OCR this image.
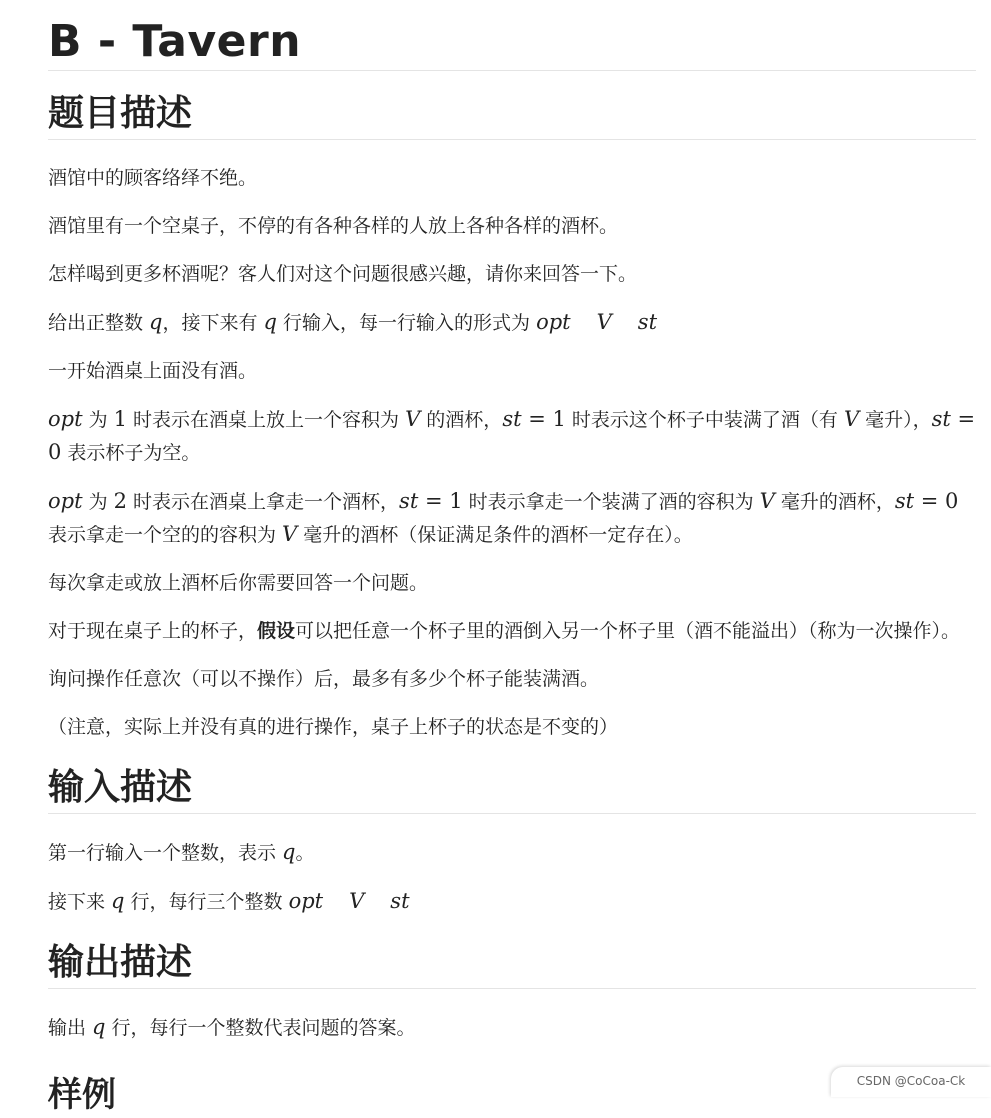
B - Tavern
题目描述

酒馆中的顾客络绎不绝。

酒馆里有一个空桌子，不停的有各种各样的人放上各种各样的酒杯。

怎样喝到更多杯酒呢？客人们对这个问题很感兴趣，请你来回答一下。

给出正整数 q，接下来有 q 行输入，每一行输入的形式为 opt V st

一开始酒桌上面没有酒。

opt 为 1 时表示在酒桌上放上一个容积为 V 的酒杯，st = 1 时表示这个杯子中装满了酒（有 V 毫升），st = 0 表示杯子为空。

opt 为 2 时表示在酒桌上拿走一个酒杯，st = 1 时表示拿走一个装满了酒的容积为 V 毫升的酒杯，st = 0 表示拿走一个空的的容积为 V 毫升的酒杯（保证满足条件的酒杯一定存在）。

每次拿走或放上酒杯后你需要回答一个问题。

对于现在桌子上的杯子，假设可以把任意一个杯子里的酒倒入另一个杯子里（酒不能溢出）（称为一次操作）。

询问操作任意次（可以不操作）后，最多有多少个杯子能装满酒。

（注意，实际上并没有真的进行操作，桌子上杯子的状态是不变的）

输入描述

第一行输入一个整数，表示 q。

接下来 q 行，每行三个整数 opt V st

输出描述

输出 q 行，每行一个整数代表问题的答案。

样例	CSDN @CoCoa-Ck
